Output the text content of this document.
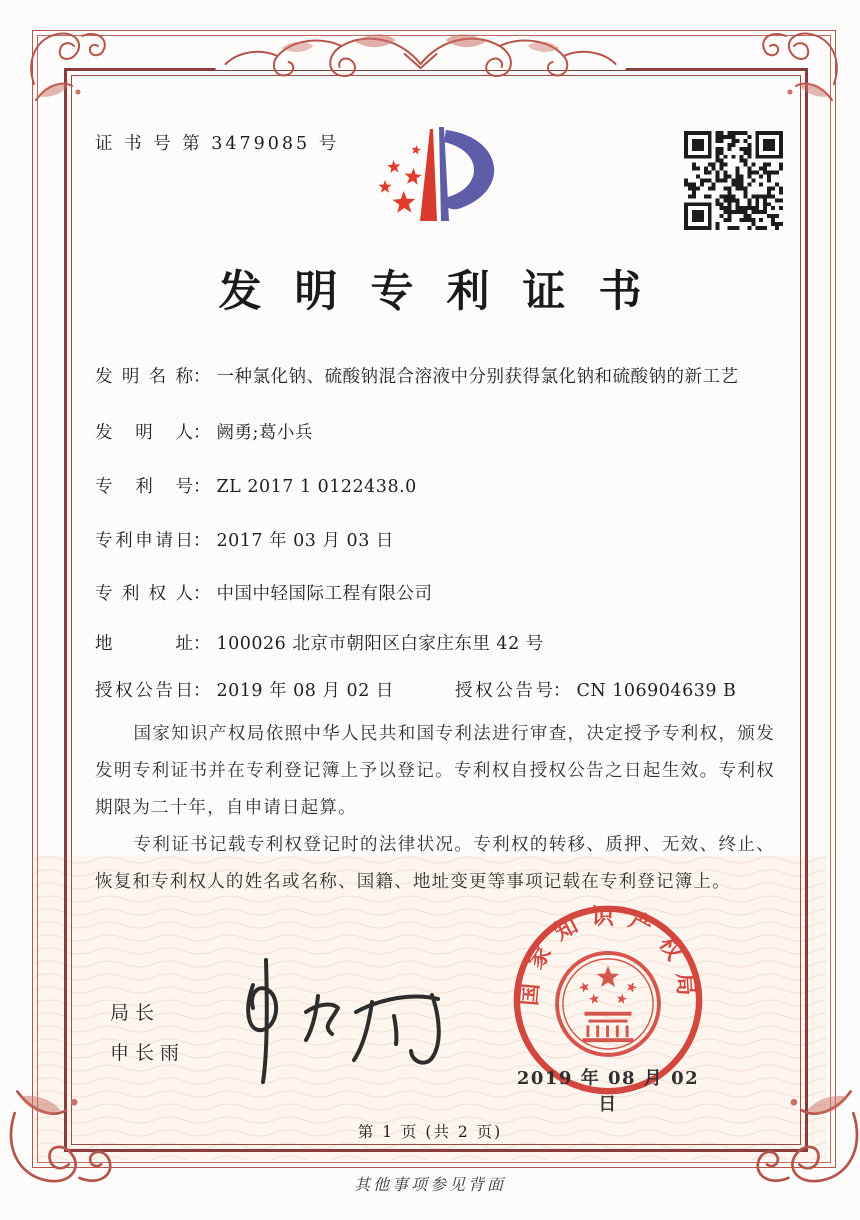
证 书 号 第 3479085 号
发明专利证书
发明名称： 一种氯化钠、硫酸钠混合溶液中分别获得氯化钠和硫酸钠的新工艺
发明人： 阙勇;葛小兵
专利号： ZL 2017 1 0122438.0
专利申请日： 2017 年 03 月 03 日
专利权人： 中国中轻国际工程有限公司
地址： 100026 北京市朝阳区白家庄东里 42 号
授权公告日： 2019 年 08 月 02 日	授权公告号： CN 106904639 B

国家知识产权局依照中华人民共和国专利法进行审查，决定授予专利权，颁发发明专利证书并在专利登记簿上予以登记。专利权自授权公告之日起生效。专利权期限为二十年，自申请日起算。

专利证书记载专利权登记时的法律状况。专利权的转移、质押、无效、终止、恢复和专利权人的姓名或名称、国籍、地址变更等事项记载在专利登记簿上。

局长
申长雨
国家知识产权局
2019 年 08 月 02 日
第 1 页 (共 2 页)
其他事项参见背面
